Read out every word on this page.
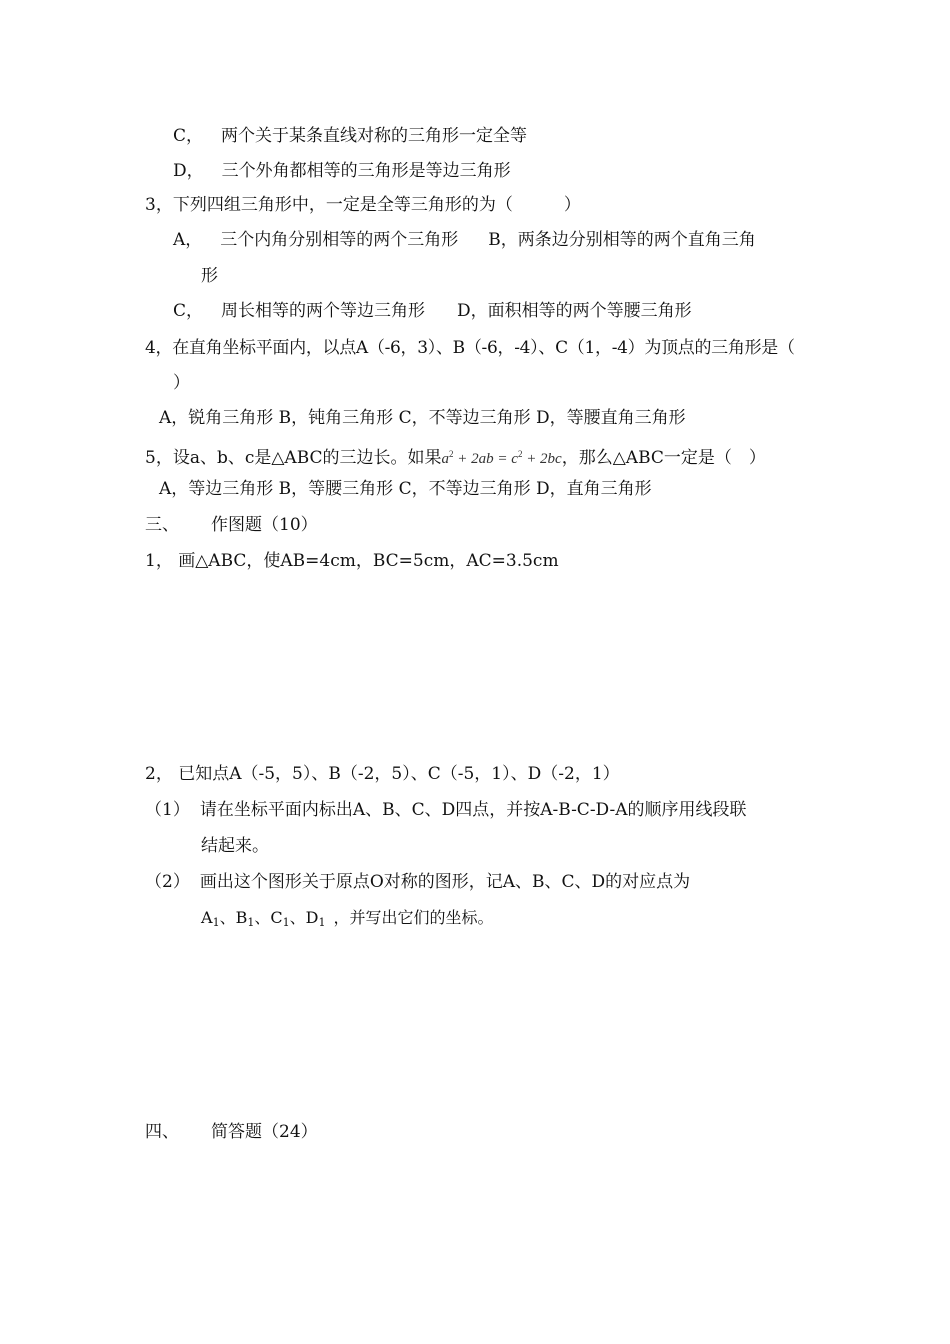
C， 两个关于某条直线对称的三角形一定全等
D， 三个外角都相等的三角形是等边三角形
3，下列四组三角形中，一定是全等三角形的为（　　　）
A， 三个内角分别相等的两个三角形 B，两条边分别相等的两个直角三角
形
C， 周长相等的两个等边三角形 D，面积相等的两个等腰三角形
4，在直角坐标平面内，以点A（-6，3）、B（-6，-4）、C（1，-4）为顶点的三角形是（
）
A，锐角三角形 B，钝角三角形 C，不等边三角形 D，等腰直角三角形
5，设a、b、c是△ABC的三边长。如果$a^2 + 2ab = c^2 + 2bc$，那么△ABC一定是（　）
A，等边三角形 B，等腰三角形 C，不等边三角形 D，直角三角形
三、 作图题（10）
1， 画△ABC，使AB=4cm，BC=5cm，AC=3.5cm
2， 已知点A（-5，5）、B（-2，5）、C（-5，1）、D（-2，1）
（1） 请在坐标平面内标出A、B、C、D四点，并按A-B-C-D-A的顺序用线段联
结起来。
（2） 画出这个图形关于原点O对称的图形，记A、B、C、D的对应点为
$A_1$、$B_1$、$C_1$、$D_1$ ，并写出它们的坐标。
四、 简答题（24）
